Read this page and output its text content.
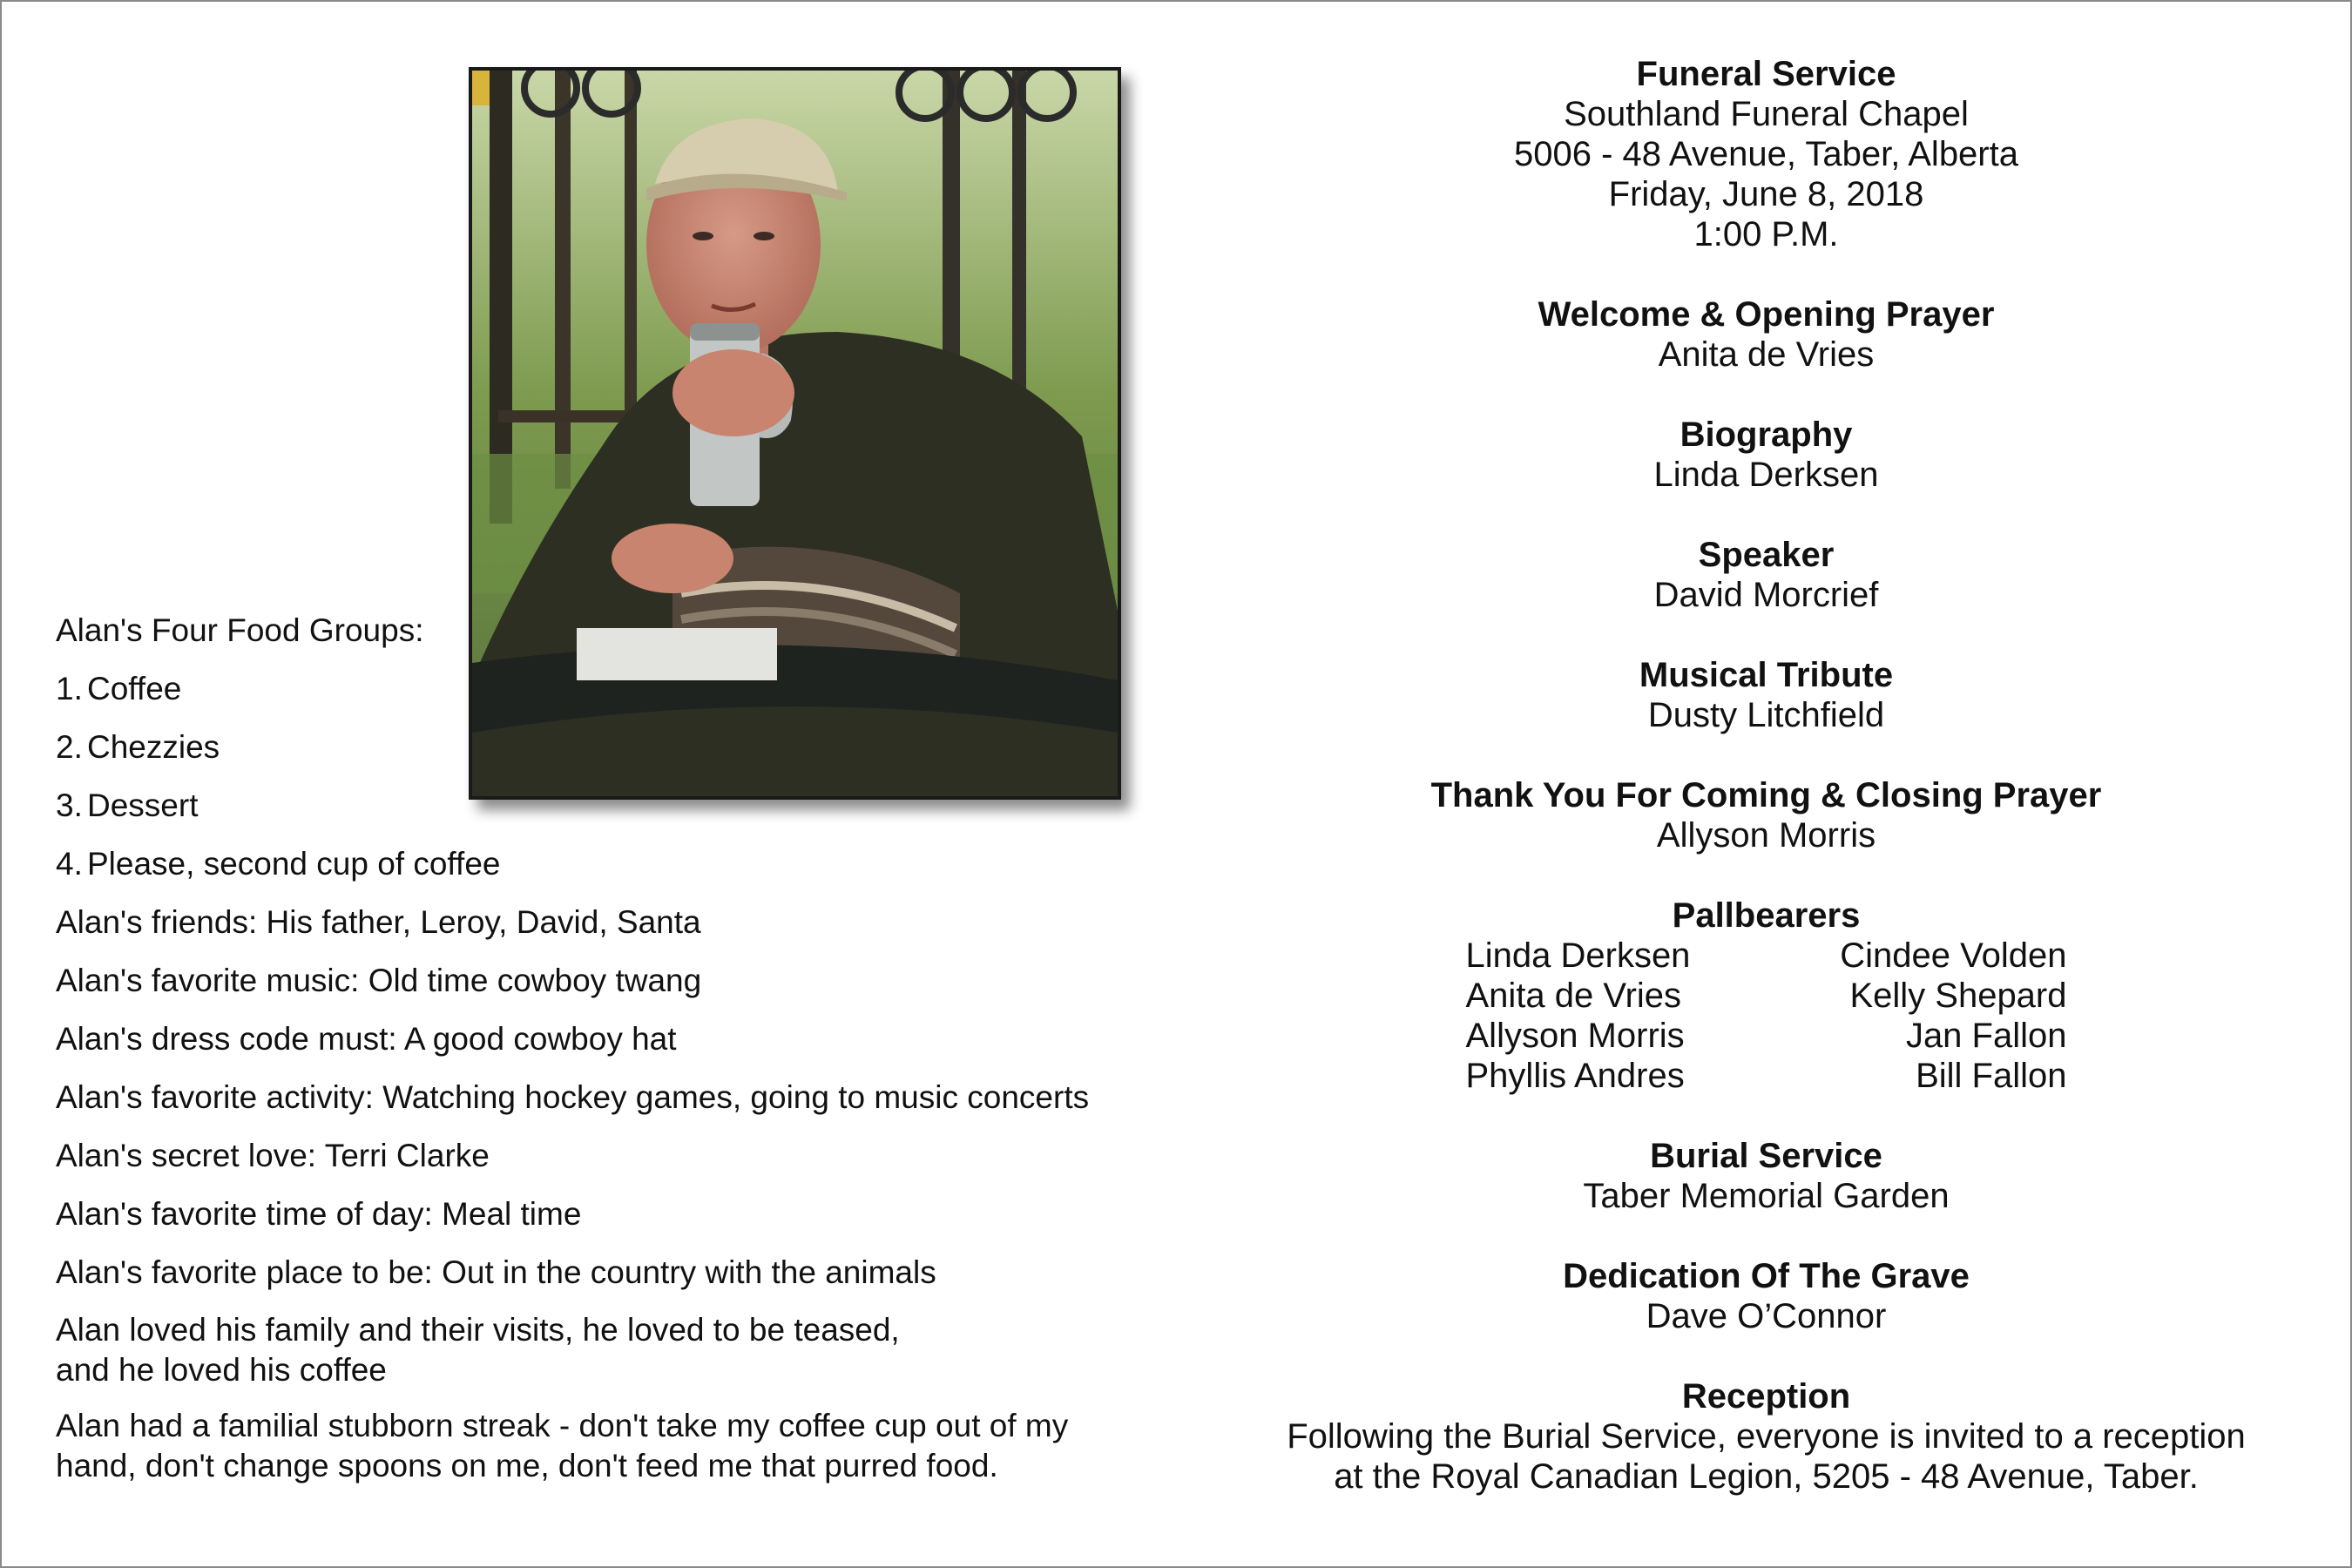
Alan's Four Food Groups:
1. Coffee
2. Chezzies
3. Dessert
4. Please, second cup of coffee
Alan's friends: His father, Leroy, David, Santa
Alan's favorite music: Old time cowboy twang
Alan's dress code must: A good cowboy hat
Alan's favorite activity: Watching hockey games, going to music concerts
Alan's secret love: Terri Clarke
Alan's favorite time of day: Meal time
Alan's favorite place to be: Out in the country with the animals
Alan loved his family and their visits, he loved to be teased,
and he loved his coffee
Alan had a familial stubborn streak - don't take my coffee cup out of my
hand, don't change spoons on me, don't feed me that purred food.
Funeral Service
Southland Funeral Chapel
5006 - 48 Avenue, Taber, Alberta
Friday, June 8, 2018
1:00 P.M.
Welcome & Opening Prayer
Anita de Vries
Biography
Linda Derksen
Speaker
David Morcrief
Musical Tribute
Dusty Litchfield
Thank You For Coming & Closing Prayer
Allyson Morris
Pallbearers
Linda Derksen
Anita de Vries
Allyson Morris
Phyllis Andres
Cindee Volden
Kelly Shepard
Jan Fallon
Bill Fallon
Burial Service
Taber Memorial Garden
Dedication Of The Grave
Dave O’Connor
Reception
Following the Burial Service, everyone is invited to a reception
at the Royal Canadian Legion, 5205 - 48 Avenue, Taber.
